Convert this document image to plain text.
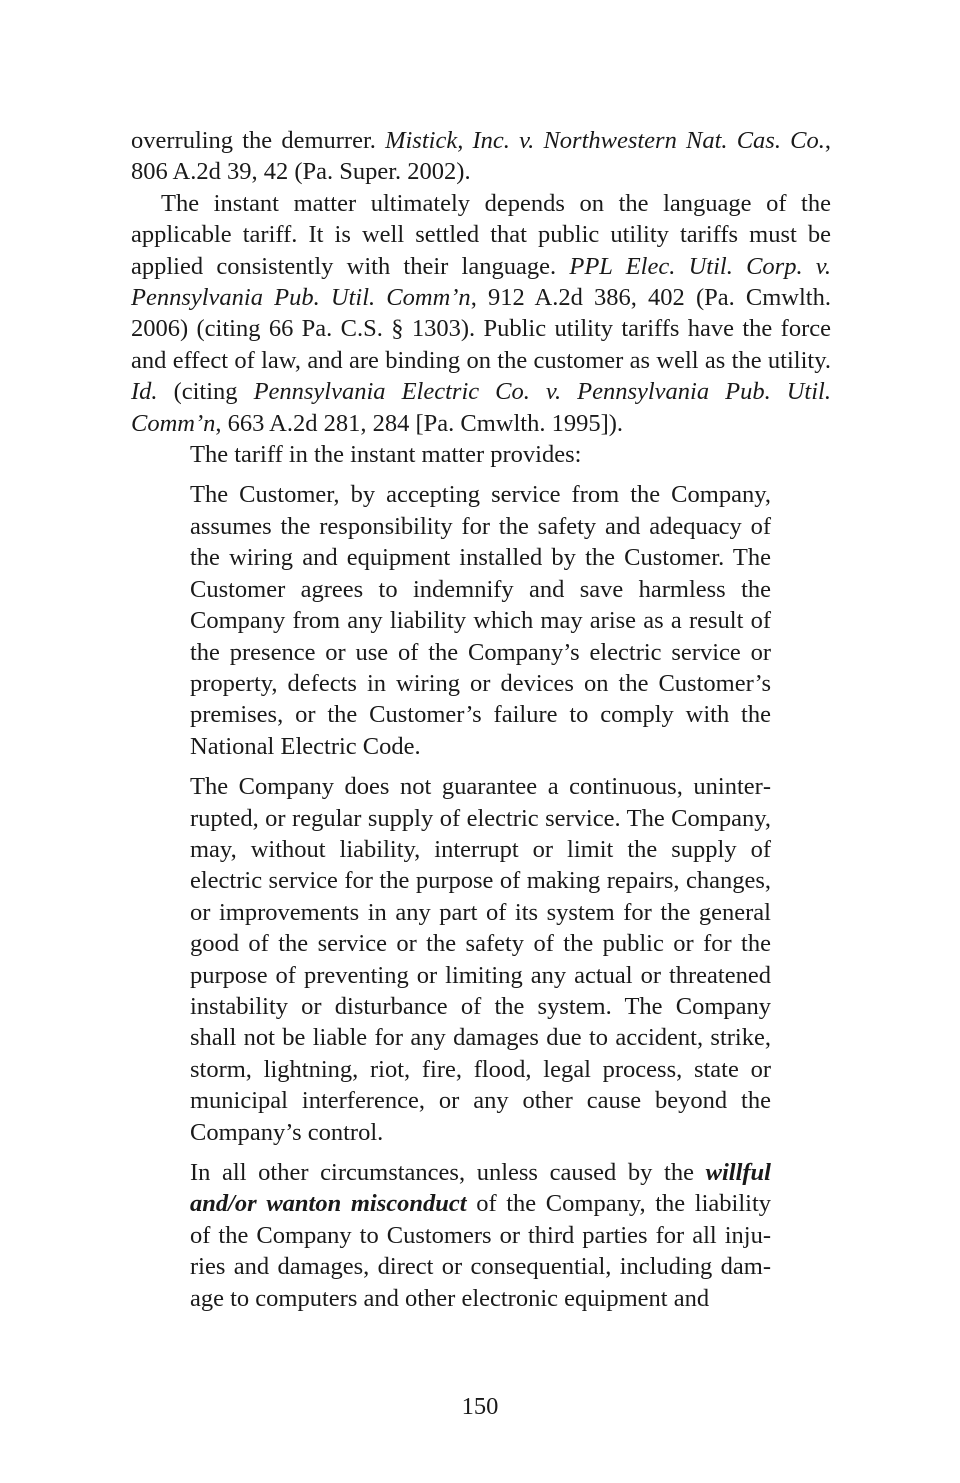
overruling the demurrer. Mistick, Inc. v. Northwestern Nat. Cas. Co., 806 A.2d 39, 42 (Pa. Super. 2002).

The instant matter ultimately depends on the language of the applicable tariff. It is well settled that public utility tariffs must be applied consistently with their language. PPL Elec. Util. Corp. v. Pennsylvania Pub. Util. Comm’n, 912 A.2d 386, 402 (Pa. Cmwlth. 2006) (citing 66 Pa. C.S. § 1303). Public utility tariffs have the force and effect of law, and are binding on the customer as well as the utility. Id. (citing Pennsylvania Electric Co. v. Pennsylvania Pub. Util. Comm’n, 663 A.2d 281, 284 [Pa. Cmwlth. 1995]).

The tariff in the instant matter provides:

The Customer, by accepting service from the Company, assumes the responsibility for the safety and adequacy of the wiring and equipment installed by the Customer. The Customer agrees to indemnify and save harmless the Company from any liability which may arise as a result of the presence or use of the Company’s electric service or property, defects in wiring or devices on the Customer’s premises, or the Customer’s failure to comply with the National Electric Code.

The Company does not guarantee a continuous, uninterrupted, or regular supply of electric service. The Company, may, without liability, interrupt or limit the supply of electric service for the purpose of making repairs, changes, or improvements in any part of its system for the general good of the service or the safety of the public or for the purpose of preventing or limiting any actual or threatened instability or disturbance of the system. The Company shall not be liable for any damages due to accident, strike, storm, lightning, riot, fire, flood, legal process, state or municipal interference, or any other cause beyond the Company’s control.

In all other circumstances, unless caused by the willful and/or wanton misconduct of the Company, the liability of the Company to Customers or third parties for all injuries and damages, direct or consequential, including damage to computers and other electronic equipment and

150
